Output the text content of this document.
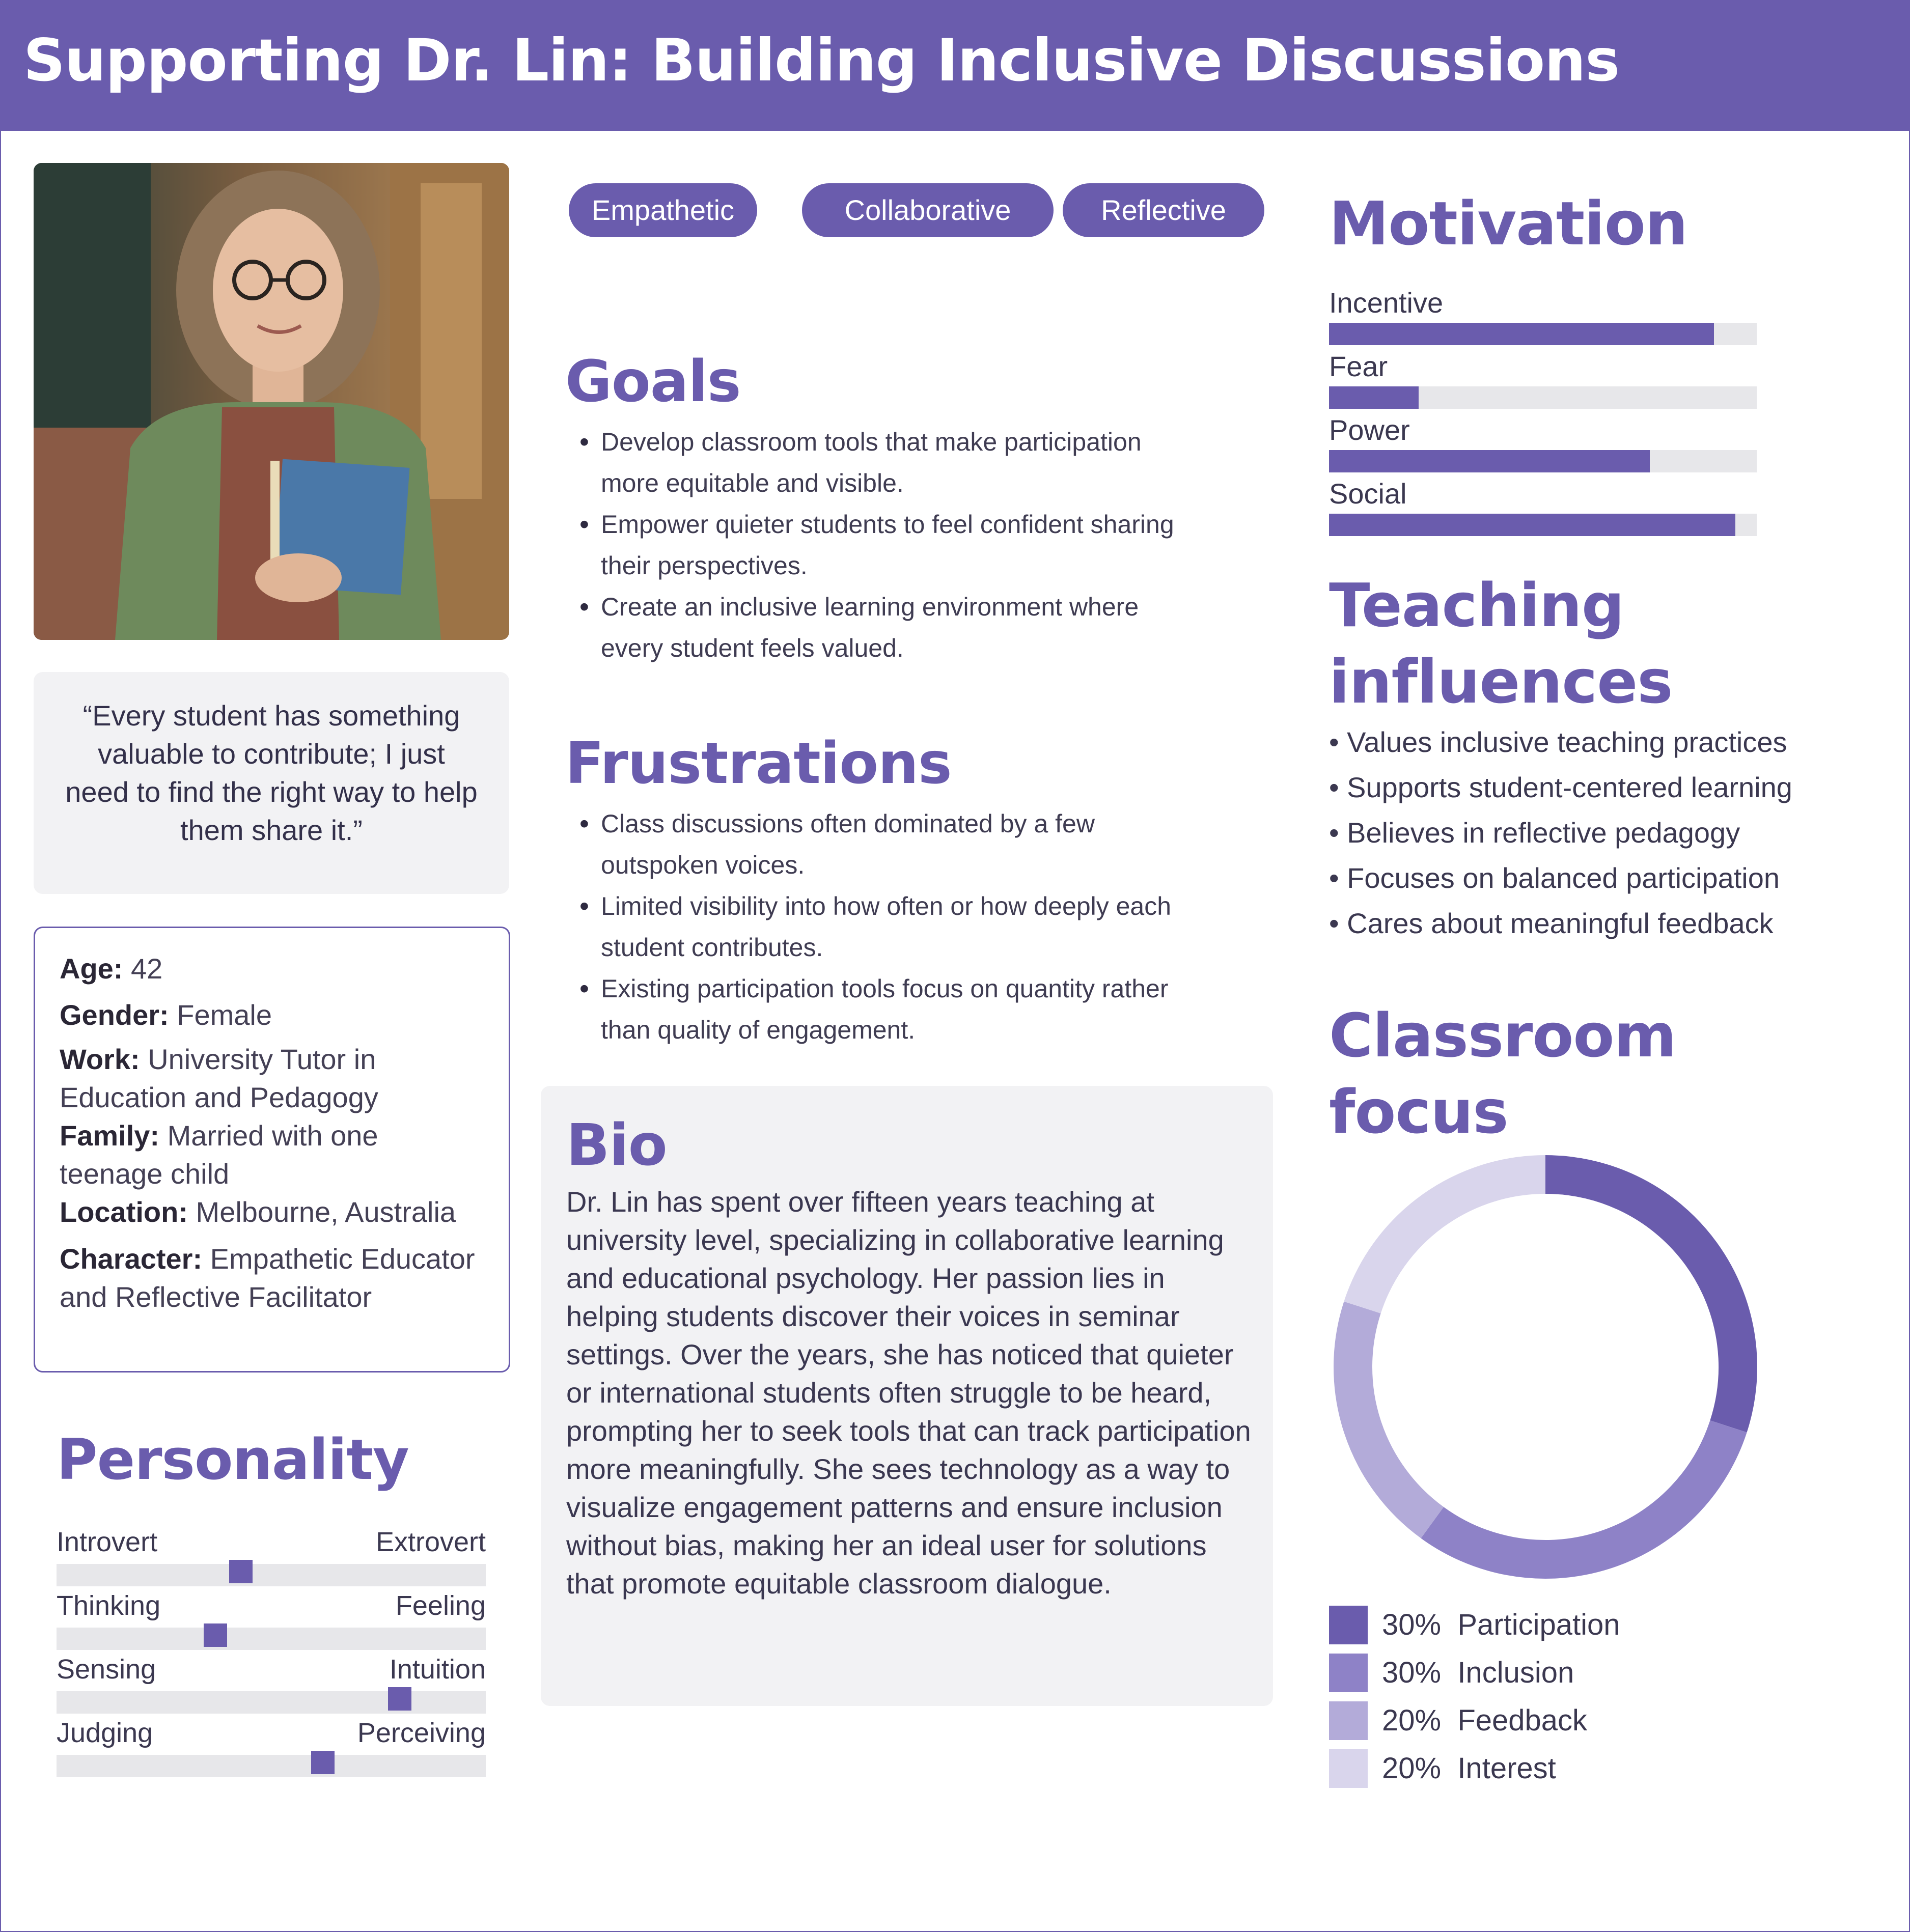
Supporting Dr. Lin: Building Inclusive Discussions

“Every student has something valuable to contribute; I just need to find the right way to help them share it.”

Age: 42
Gender: Female
Work: University Tutor in Education and Pedagogy
Family: Married with one teenage child
Location: Melbourne, Australia
Character: Empathetic Educator and Reflective Facilitator
Personality
Introvert	Extrovert
Thinking	Feeling
Sensing	Intuition
Judging	Perceiving
Empathetic	Collaborative	Reflective
Goals
• Develop classroom tools that make participation
more equitable and visible.
• Empower quieter students to feel confident sharing
their perspectives.
• Create an inclusive learning environment where
every student feels valued.
Frustrations
• Class discussions often dominated by a few
outspoken voices.
• Limited visibility into how often or how deeply each
student contributes.
• Existing participation tools focus on quantity rather
than quality of engagement.
Bio

Dr. Lin has spent over fifteen years teaching at university level, specializing in collaborative learning and educational psychology. Her passion lies in helping students discover their voices in seminar settings. Over the years, she has noticed that quieter or international students often struggle to be heard, prompting her to seek tools that can track participation more meaningfully. She sees technology as a way to visualize engagement patterns and ensure inclusion without bias, making her an ideal user for solutions that promote equitable classroom dialogue.

Motivation
Incentive
Fear
Power
Social
Teaching
influences
• Values inclusive teaching practices
• Supports student-centered learning
• Believes in reflective pedagogy
• Focuses on balanced participation
• Cares about meaningful feedback
Classroom
focus
30% Participation
30% Inclusion
20% Feedback
20% Interest
